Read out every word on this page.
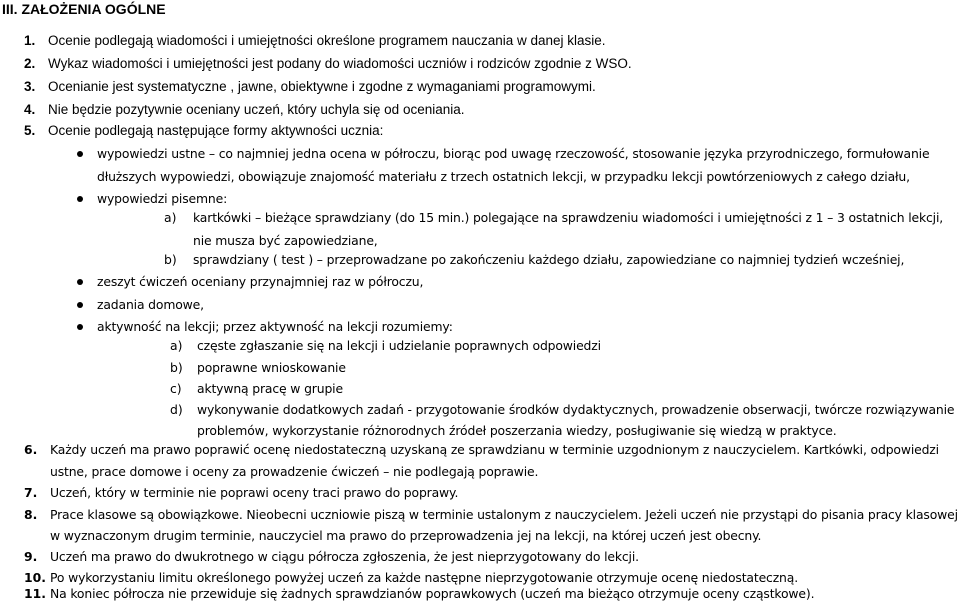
III. ZAŁOŻENIA OGÓLNE
1. Ocenie podlegają wiadomości i umiejętności określone programem nauczania w danej klasie.
2. Wykaz wiadomości i umiejętności jest podany do wiadomości uczniów i rodziców zgodnie z WSO.
3. Ocenianie jest systematyczne , jawne, obiektywne i zgodne z wymaganiami programowymi.
4. Nie będzie pozytywnie oceniany uczeń, który uchyla się od oceniania.
5. Ocenie podlegają następujące formy aktywności ucznia:
wypowiedzi ustne – co najmniej jedna ocena w półroczu, biorąc pod uwagę rzeczowość, stosowanie języka przyrodniczego, formułowanie
dłuższych wypowiedzi, obowiązuje znajomość materiału z trzech ostatnich lekcji, w przypadku lekcji powtórzeniowych z całego działu,
wypowiedzi pisemne:
a) kartkówki – bieżące sprawdziany (do 15 min.) polegające na sprawdzeniu wiadomości i umiejętności z 1 – 3 ostatnich lekcji,
nie musza być zapowiedziane,
b) sprawdziany ( test ) – przeprowadzane po zakończeniu każdego działu, zapowiedziane co najmniej tydzień wcześniej,
zeszyt ćwiczeń oceniany przynajmniej raz w półroczu,
zadania domowe,
aktywność na lekcji; przez aktywność na lekcji rozumiemy:
a) częste zgłaszanie się na lekcji i udzielanie poprawnych odpowiedzi
b) poprawne wnioskowanie
c) aktywną pracę w grupie
d) wykonywanie dodatkowych zadań - przygotowanie środków dydaktycznych, prowadzenie obserwacji, twórcze rozwiązywanie
problemów, wykorzystanie różnorodnych źródeł poszerzania wiedzy, posługiwanie się wiedzą w praktyce.
6. Każdy uczeń ma prawo poprawić ocenę niedostateczną uzyskaną ze sprawdzianu w terminie uzgodnionym z nauczycielem. Kartkówki, odpowiedzi
ustne, prace domowe i oceny za prowadzenie ćwiczeń – nie podlegają poprawie.
7. Uczeń, który w terminie nie poprawi oceny traci prawo do poprawy.
8. Prace klasowe są obowiązkowe. Nieobecni uczniowie piszą w terminie ustalonym z nauczycielem. Jeżeli uczeń nie przystąpi do pisania pracy klasowej
w wyznaczonym drugim terminie, nauczyciel ma prawo do przeprowadzenia jej na lekcji, na której uczeń jest obecny.
9. Uczeń ma prawo do dwukrotnego w ciągu półrocza zgłoszenia, że jest nieprzygotowany do lekcji.
10. Po wykorzystaniu limitu określonego powyżej uczeń za każde następne nieprzygotowanie otrzymuje ocenę niedostateczną.
11. Na koniec półrocza nie przewiduje się żadnych sprawdzianów poprawkowych (uczeń ma bieżąco otrzymuje oceny cząstkowe).
